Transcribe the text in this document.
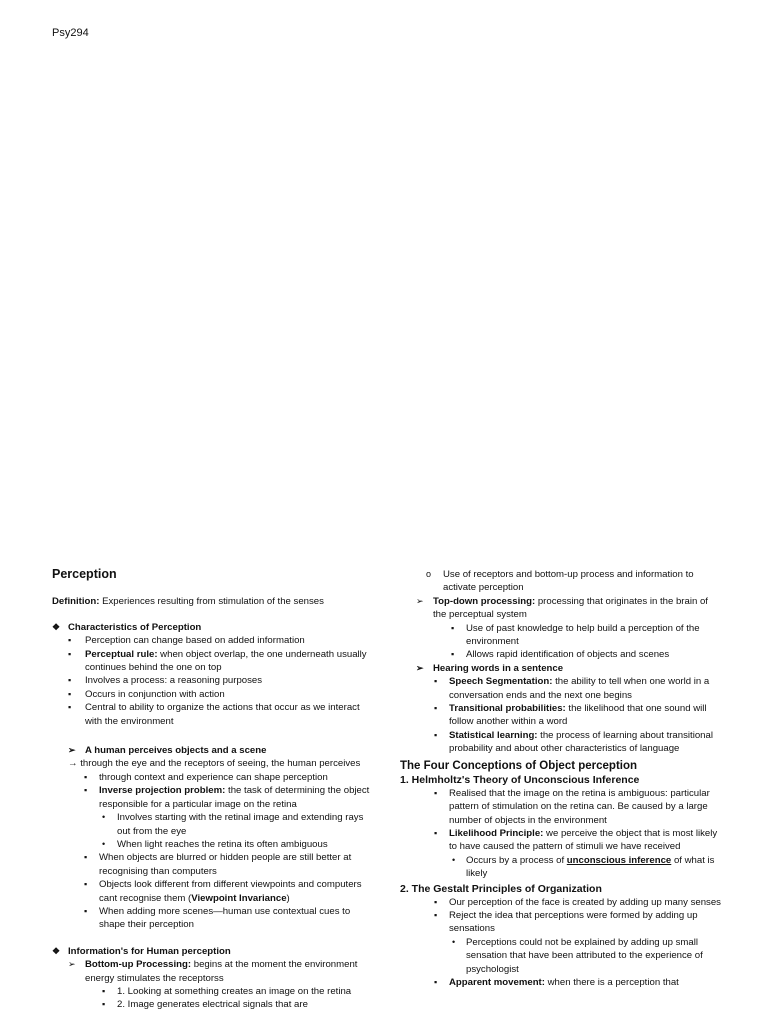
Psy294
Perception
Definition: Experiences resulting from stimulation of the senses
❖ Characteristics of Perception
▪ Perception can change based on added information
▪ Perceptual rule: when object overlap, the one underneath usually continues behind the one on top
▪ Involves a process: a reasoning purposes
▪ Occurs in conjunction with action
▪ Central to ability to organize the actions that occur as we interact with the environment
➢ A human perceives objects and a scene
→ through the eye and the receptors of seeing, the human perceives
▪ through context and experience can shape perception
▪ Inverse projection problem: the task of determining the object responsible for a particular image on the retina
• Involves starting with the retinal image and extending rays out from the eye
• When light reaches the retina its often ambiguous
▪ When objects are blurred or hidden people are still better at recognising than computers
▪ Objects look different from different viewpoints and computers cant recognise them (Viewpoint Invariance)
▪ When adding more scenes—human use contextual cues to shape their perception
❖ Information's for Human perception
➢ Bottom-up Processing: begins at the moment the environment energy stimulates the receptorss
▪ 1. Looking at something creates an image on the retina
▪ 2. Image generates electrical signals that are
o Use of receptors and bottom-up process and information to activate perception
➢ Top-down processing: processing that originates in the brain of the perceptual system
▪ Use of past knowledge to help build a perception of the environment
▪ Allows rapid identification of objects and scenes
➢ Hearing words in a sentence
▪ Speech Segmentation: the ability to tell when one world in a conversation ends and the next one begins
▪ Transitional probabilities: the likelihood that one sound will follow another within a word
▪ Statistical learning: the process of learning about transitional probability and about other characteristics of language
The Four Conceptions of Object perception
1. Helmholtz's Theory of Unconscious Inference
▪ Realised that the image on the retina is ambiguous: particular pattern of stimulation on the retina can. Be caused by a large number of objects in the environment
▪ Likelihood Principle: we perceive the object that is most likely to have caused the pattern of stimuli we have received
• Occurs by a process of unconscious inference of what is likely
2. The Gestalt Principles of Organization
▪ Our perception of the face is created by adding up many senses
▪ Reject the idea that perceptions were formed by adding up sensations
• Perceptions could not be explained by adding up small sensation that have been attributed to the experience of psychologist
▪ Apparent movement: when there is a perception that
